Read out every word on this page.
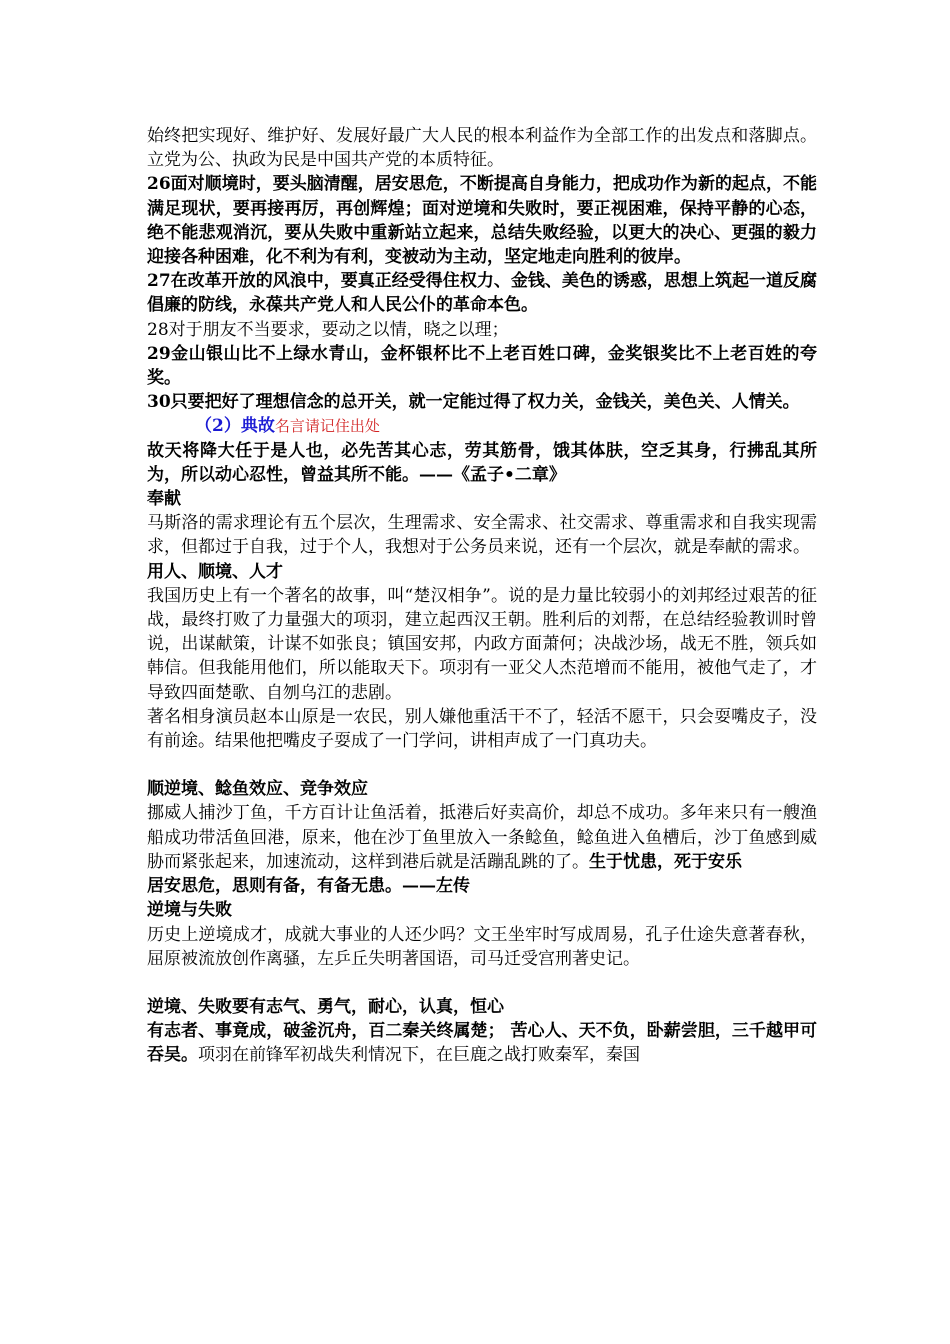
始终把实现好、维护好、发展好最广大人民的根本利益作为全部工作的出发点和落脚点。立党为公、执政为民是中国共产党的本质特征。

26面对顺境时，要头脑清醒，居安思危，不断提高自身能力，把成功作为新的起点，不能满足现状，要再接再厉，再创辉煌；面对逆境和失败时，要正视困难，保持平静的心态，绝不能悲观消沉，要从失败中重新站立起来，总结失败经验，以更大的决心、更强的毅力迎接各种困难，化不利为有利，变被动为主动，坚定地走向胜利的彼岸。

27在改革开放的风浪中，要真正经受得住权力、金钱、美色的诱惑，思想上筑起一道反腐倡廉的防线，永葆共产党人和人民公仆的革命本色。

28对于朋友不当要求，要动之以情，晓之以理；

29金山银山比不上绿水青山，金杯银杯比不上老百姓口碑，金奖银奖比不上老百姓的夸奖。

30只要把好了理想信念的总开关，就一定能过得了权力关，金钱关，美色关、人情关。

（2）典故名言请记住出处

故天将降大任于是人也，必先苦其心志，劳其筋骨，饿其体肤，空乏其身，行拂乱其所为，所以动心忍性，曾益其所不能。——《孟子•二章》

奉献

马斯洛的需求理论有五个层次，生理需求、安全需求、社交需求、尊重需求和自我实现需求，但都过于自我，过于个人，我想对于公务员来说，还有一个层次，就是奉献的需求。

用人、顺境、人才

我国历史上有一个著名的故事，叫“楚汉相争”。说的是力量比较弱小的刘邦经过艰苦的征战，最终打败了力量强大的项羽，建立起西汉王朝。胜利后的刘帮，在总结经验教训时曾说，出谋献策，计谋不如张良；镇国安邦，内政方面萧何；决战沙场，战无不胜，领兵如韩信。但我能用他们，所以能取天下。项羽有一亚父人杰范增而不能用，被他气走了，才导致四面楚歌、自刎乌江的悲剧。

著名相身演员赵本山原是一农民，别人嫌他重活干不了，轻活不愿干，只会耍嘴皮子，没有前途。结果他把嘴皮子耍成了一门学问，讲相声成了一门真功夫。

顺逆境、鲶鱼效应、竞争效应

挪威人捕沙丁鱼，千方百计让鱼活着，抵港后好卖高价，却总不成功。多年来只有一艘渔船成功带活鱼回港，原来，他在沙丁鱼里放入一条鲶鱼，鲶鱼进入鱼槽后，沙丁鱼感到威胁而紧张起来，加速流动，这样到港后就是活蹦乱跳的了。生于忧患，死于安乐

居安思危，思则有备，有备无患。——左传

逆境与失败

历史上逆境成才，成就大事业的人还少吗？文王坐牢时写成周易，孔子仕途失意著春秋，屈原被流放创作离骚，左乒丘失明著国语，司马迁受宫刑著史记。

逆境、失败要有志气、勇气，耐心，认真，恒心

有志者、事竟成，破釜沉舟，百二秦关终属楚； 苦心人、天不负，卧薪尝胆，三千越甲可吞吴。项羽在前锋军初战失利情况下，在巨鹿之战打败秦军，秦国
